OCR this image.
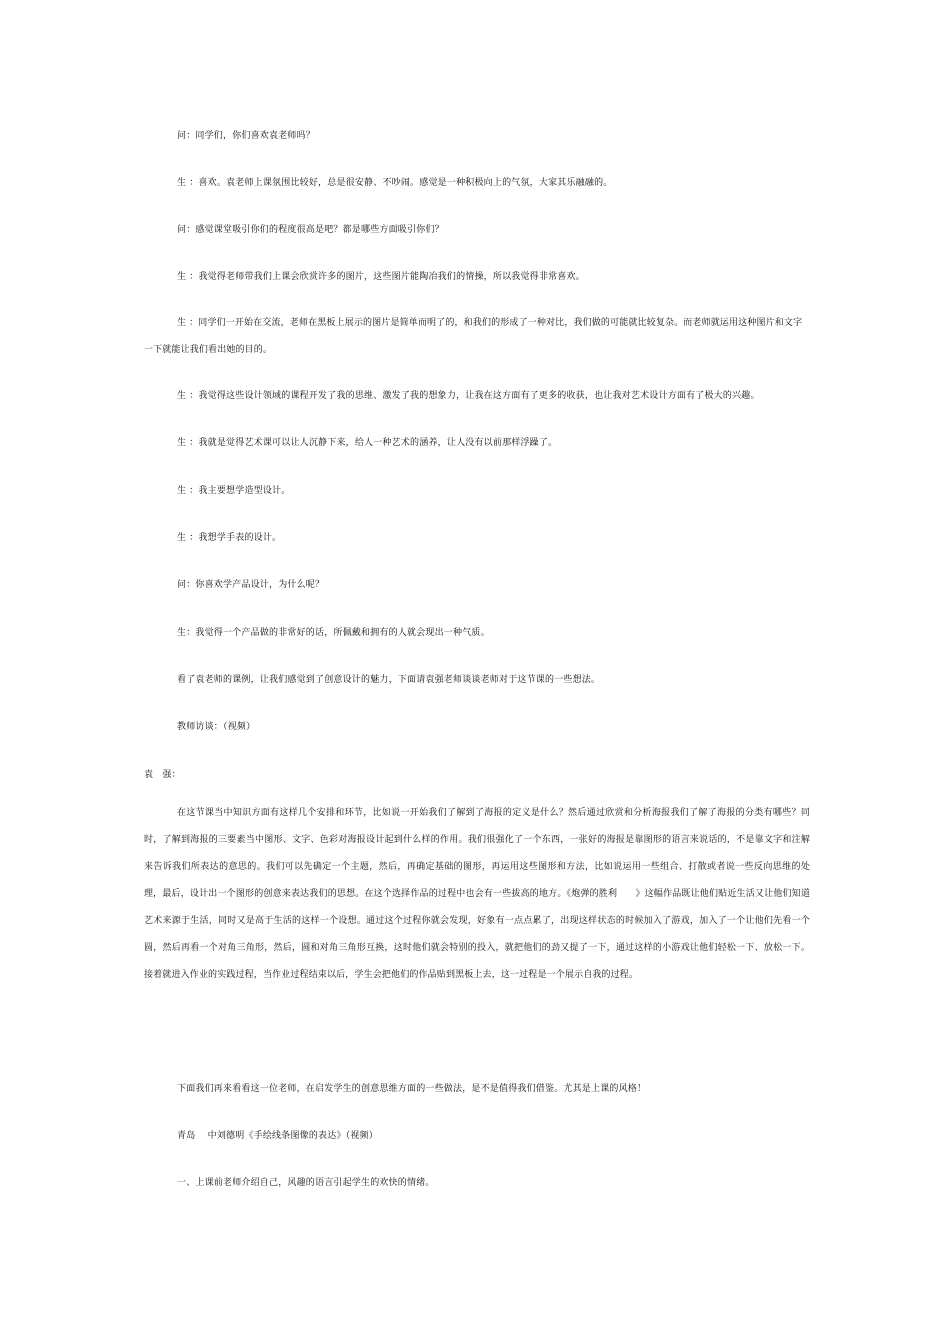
问：同学们，你们喜欢袁老师吗？
生 ：喜欢。袁老师上课氛围比较好，总是很安静、不吵闹。感觉是一种积极向上的气氛，大家其乐融融的。
问：感觉课堂吸引你们的程度很高是吧？都是哪些方面吸引你们？
生 ：我觉得老师带我们上课会欣赏许多的图片，这些图片能陶冶我们的情操，所以我觉得非常喜欢。
生 ：同学们一开始在交流，老师在黑板上展示的图片是简单而明了的，和我们的形成了一种对比，我们做的可能就比较复杂。而老师就运用这种图片和文字一下就能让我们看出她的目的。
生 ：我觉得这些设计领域的课程开发了我的思维、激发了我的想象力，让我在这方面有了更多的收获，也让我对艺术设计方面有了极大的兴趣。
生 ：我就是觉得艺术课可以让人沉静下来，给人一种艺术的涵养，让人没有以前那样浮躁了。
生 ：我主要想学造型设计。
生 ：我想学手表的设计。
问：你喜欢学产品设计，为什么呢？
生：我觉得一个产品做的非常好的话，所佩戴和拥有的人就会现出一种气质。
看了袁老师的课例，让我们感觉到了创意设计的魅力，下面请袁强老师谈谈老师对于这节课的一些想法。
教师访谈：（视频）
袁　强：
在这节课当中知识方面有这样几个安排和环节，比如说一开始我们了解到了海报的定义是什么？然后通过欣赏和分析海报我们了解了海报的分类有哪些？同时，了解到海报的三要素当中图形、文字、色彩对海报设计起到什么样的作用。我们很强化了一个东西，一张好的海报是靠图形的语言来说话的，不是靠文字和注解来告诉我们所表达的意思的。我们可以先确定一个主题，然后，再确定基础的图形，再运用这些图形和方法，比如说运用一些组合、打散或者说一些反向思维的处理，最后，设计出一个图形的创意来表达我们的思想。在这个选择作品的过程中也会有一些拔高的地方。《炮弹的胜利　　》这幅作品既让他们贴近生活又让他们知道艺术来源于生活，同时又是高于生活的这样一个设想。通过这个过程你就会发现，好象有一点点累了，出现这样状态的时候加入了游戏，加入了一个让他们先看一个圆，然后再看一个对角三角形，然后，圆和对角三角形互换，这时他们就会特别的投入，就把他们的劲又提了一下，通过这样的小游戏让他们轻松一下、放松一下。接着就进入作业的实践过程，当作业过程结束以后，学生会把他们的作品贴到黑板上去，这一过程是一个展示自我的过程。
下面我们再来看看这一位老师，在启发学生的创意思维方面的一些做法，是不是值得我们借鉴。尤其是上课的风格！
青岛　 中刘德明《手绘线条图像的表达》（视频）
一、上课前老师介绍自己，风趣的语言引起学生的欢快的情绪。
